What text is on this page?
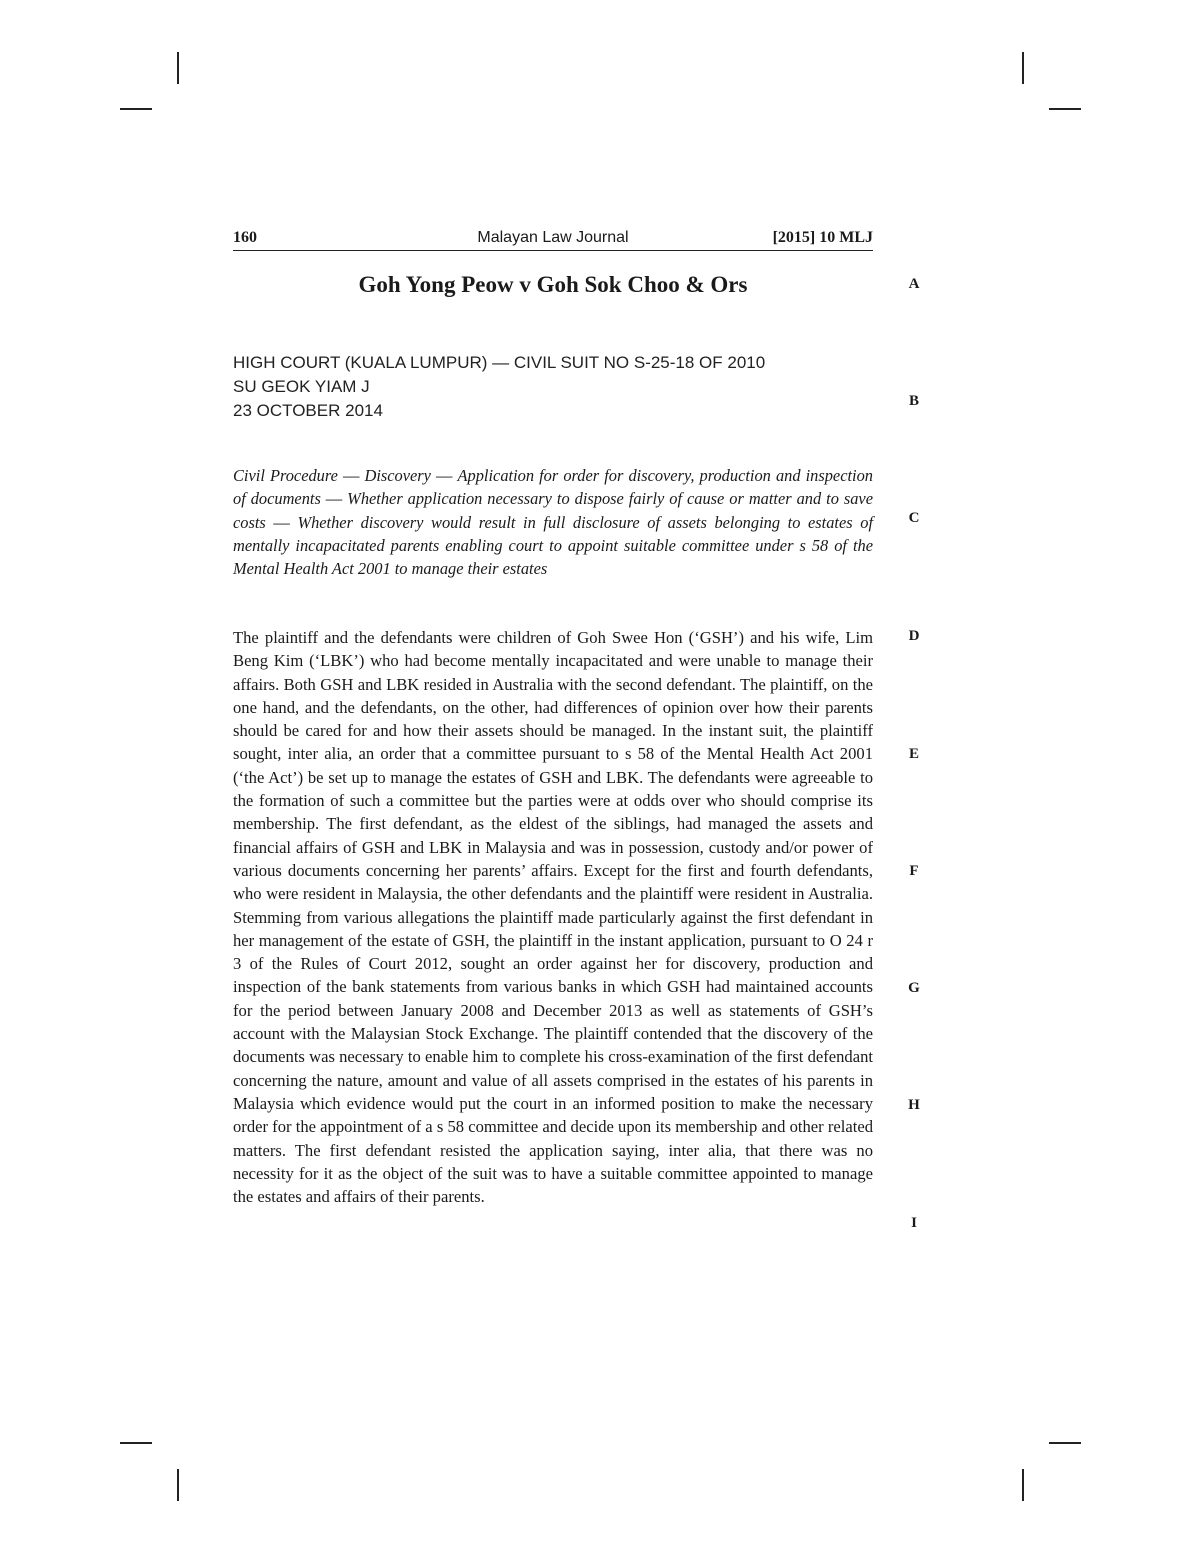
160	Malayan Law Journal	[2015] 10 MLJ
Goh Yong Peow v Goh Sok Choo & Ors
HIGH COURT (KUALA LUMPUR) — CIVIL SUIT NO S-25-18 OF 2010
SU GEOK YIAM J
23 OCTOBER 2014
Civil Procedure — Discovery — Application for order for discovery, production and inspection of documents — Whether application necessary to dispose fairly of cause or matter and to save costs — Whether discovery would result in full disclosure of assets belonging to estates of mentally incapacitated parents enabling court to appoint suitable committee under s 58 of the Mental Health Act 2001 to manage their estates
The plaintiff and the defendants were children of Goh Swee Hon (‘GSH’) and his wife, Lim Beng Kim (‘LBK’) who had become mentally incapacitated and were unable to manage their affairs. Both GSH and LBK resided in Australia with the second defendant. The plaintiff, on the one hand, and the defendants, on the other, had differences of opinion over how their parents should be cared for and how their assets should be managed. In the instant suit, the plaintiff sought, inter alia, an order that a committee pursuant to s 58 of the Mental Health Act 2001 (‘the Act’) be set up to manage the estates of GSH and LBK. The defendants were agreeable to the formation of such a committee but the parties were at odds over who should comprise its membership. The first defendant, as the eldest of the siblings, had managed the assets and financial affairs of GSH and LBK in Malaysia and was in possession, custody and/or power of various documents concerning her parents’ affairs. Except for the first and fourth defendants, who were resident in Malaysia, the other defendants and the plaintiff were resident in Australia. Stemming from various allegations the plaintiff made particularly against the first defendant in her management of the estate of GSH, the plaintiff in the instant application, pursuant to O 24 r 3 of the Rules of Court 2012, sought an order against her for discovery, production and inspection of the bank statements from various banks in which GSH had maintained accounts for the period between January 2008 and December 2013 as well as statements of GSH’s account with the Malaysian Stock Exchange. The plaintiff contended that the discovery of the documents was necessary to enable him to complete his cross-examination of the first defendant concerning the nature, amount and value of all assets comprised in the estates of his parents in Malaysia which evidence would put the court in an informed position to make the necessary order for the appointment of a s 58 committee and decide upon its membership and other related matters. The first defendant resisted the application saying, inter alia, that there was no necessity for it as the object of the suit was to have a suitable committee appointed to manage the estates and affairs of their parents.
A
B
C
D
E
F
G
H
I
